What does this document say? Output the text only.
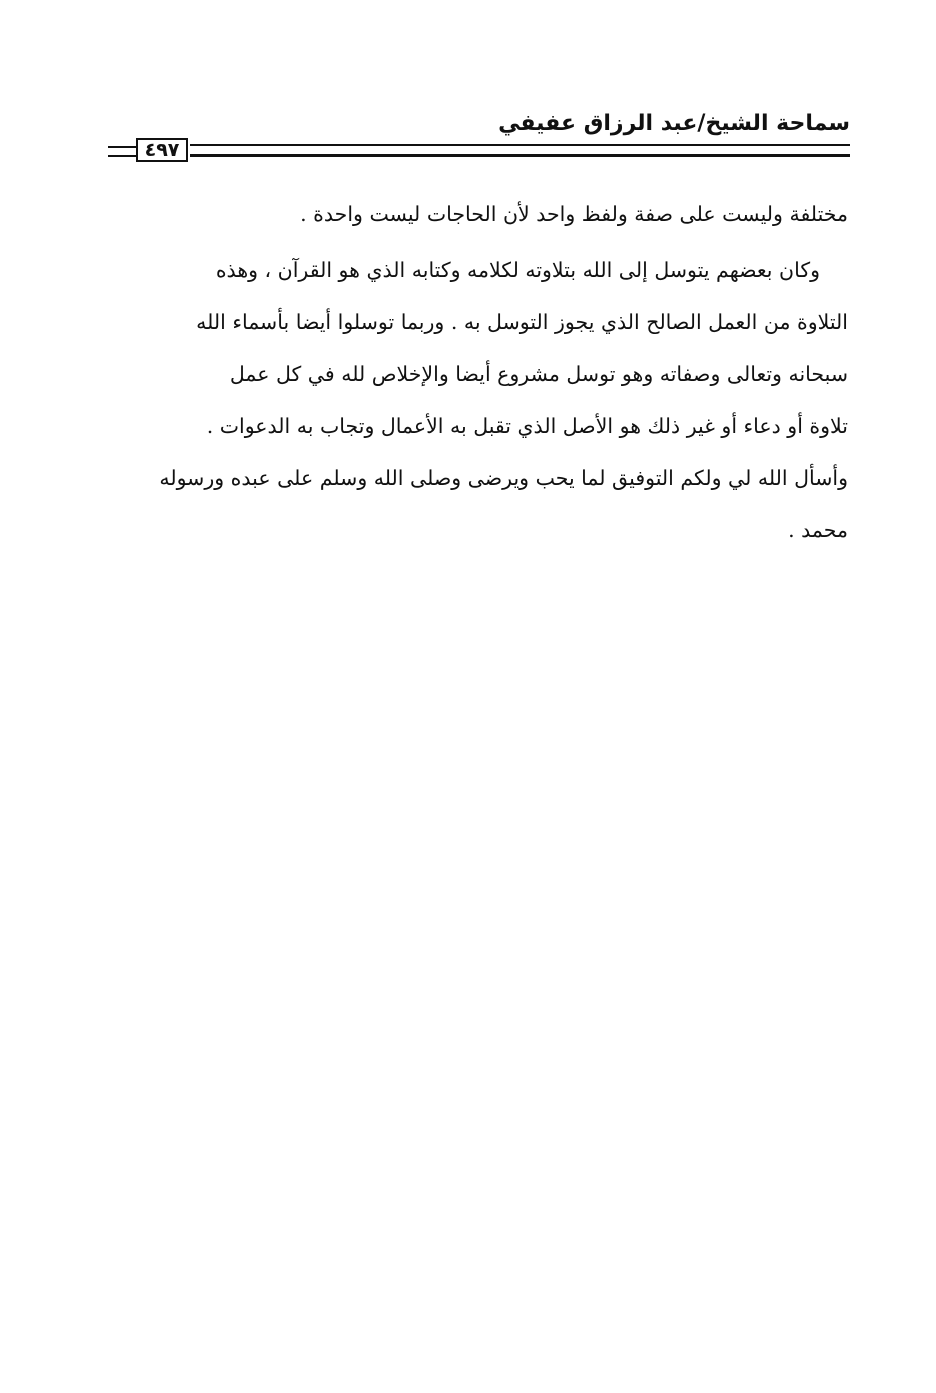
سماحة الشيخ/عبد الرزاق عفيفي
٤٩٧

مختلفة وليست على صفة ولفظ واحد لأن الحاجات ليست واحدة .

وكان بعضهم يتوسل إلى الله بتلاوته لكلامه وكتابه الذي هو القرآن ، وهذه
التلاوة من العمل الصالح الذي يجوز التوسل به . وربما توسلوا أيضا بأسماء الله
سبحانه وتعالى وصفاته وهو توسل مشروع أيضا والإخلاص لله في كل عمل
تلاوة أو دعاء أو غير ذلك هو الأصل الذي تقبل به الأعمال وتجاب به الدعوات .
وأسأل الله لي ولكم التوفيق لما يحب ويرضى وصلى الله وسلم على عبده ورسوله
محمد .
